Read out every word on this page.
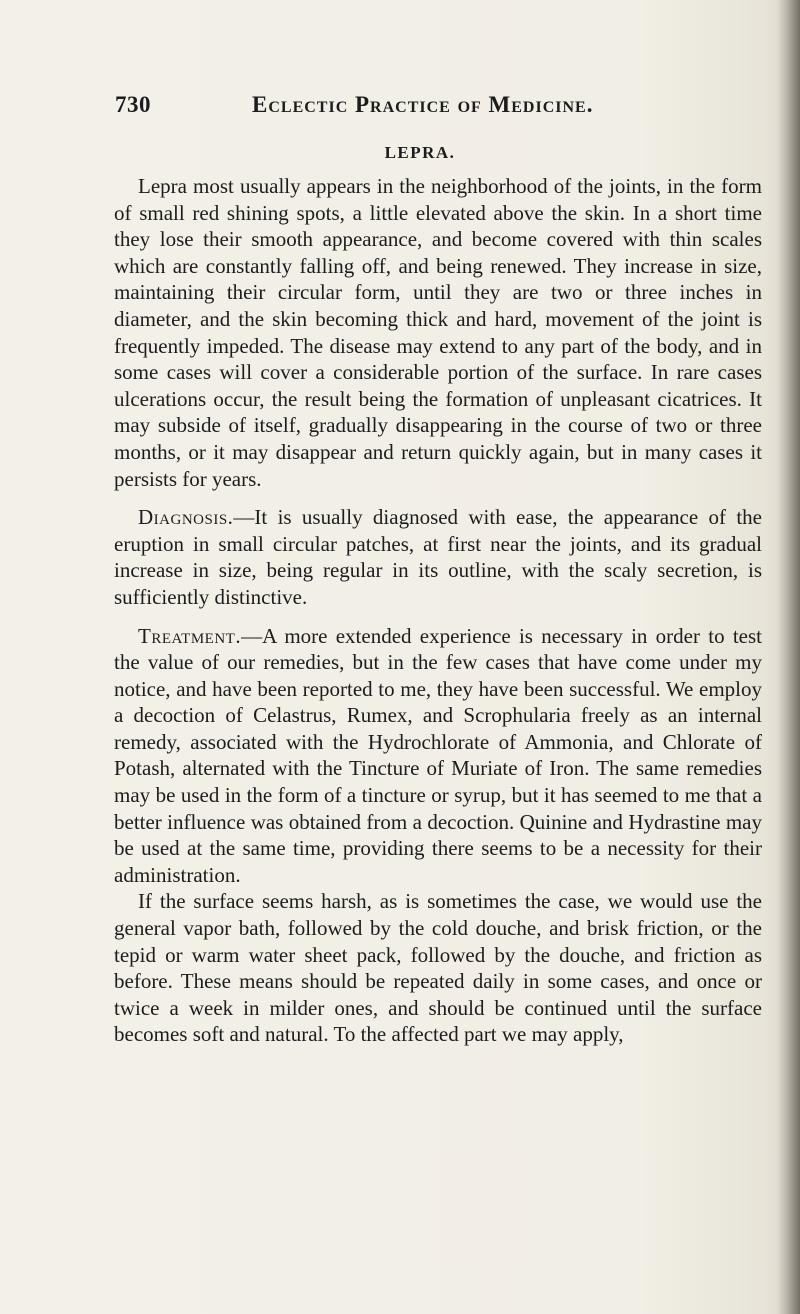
730	Eclectic Practice of Medicine.
LEPRA.

Lepra most usually appears in the neighborhood of the joints, in the form of small red shining spots, a little elevated above the skin. In a short time they lose their smooth appearance, and become covered with thin scales which are constantly falling off, and being renewed. They increase in size, maintaining their circular form, until they are two or three inches in diameter, and the skin becoming thick and hard, movement of the joint is frequently impeded. The disease may extend to any part of the body, and in some cases will cover a considerable portion of the surface. In rare cases ulcerations occur, the result being the formation of unpleasant cicatrices. It may subside of itself, gradually disappearing in the course of two or three months, or it may disappear and return quickly again, but in many cases it persists for years.

Diagnosis.—It is usually diagnosed with ease, the appearance of the eruption in small circular patches, at first near the joints, and its gradual increase in size, being regular in its outline, with the scaly secretion, is sufficiently distinctive.

Treatment.—A more extended experience is necessary in order to test the value of our remedies, but in the few cases that have come under my notice, and have been reported to me, they have been successful. We employ a decoction of Celastrus, Rumex, and Scrophularia freely as an internal remedy, associated with the Hydrochlorate of Ammonia, and Chlorate of Potash, alternated with the Tincture of Muriate of Iron. The same remedies may be used in the form of a tincture or syrup, but it has seemed to me that a better influence was obtained from a decoction. Quinine and Hydrastine may be used at the same time, providing there seems to be a necessity for their administration.

If the surface seems harsh, as is sometimes the case, we would use the general vapor bath, followed by the cold douche, and brisk friction, or the tepid or warm water sheet pack, followed by the douche, and friction as before. These means should be repeated daily in some cases, and once or twice a week in milder ones, and should be continued until the surface becomes soft and natural. To the affected part we may apply,
